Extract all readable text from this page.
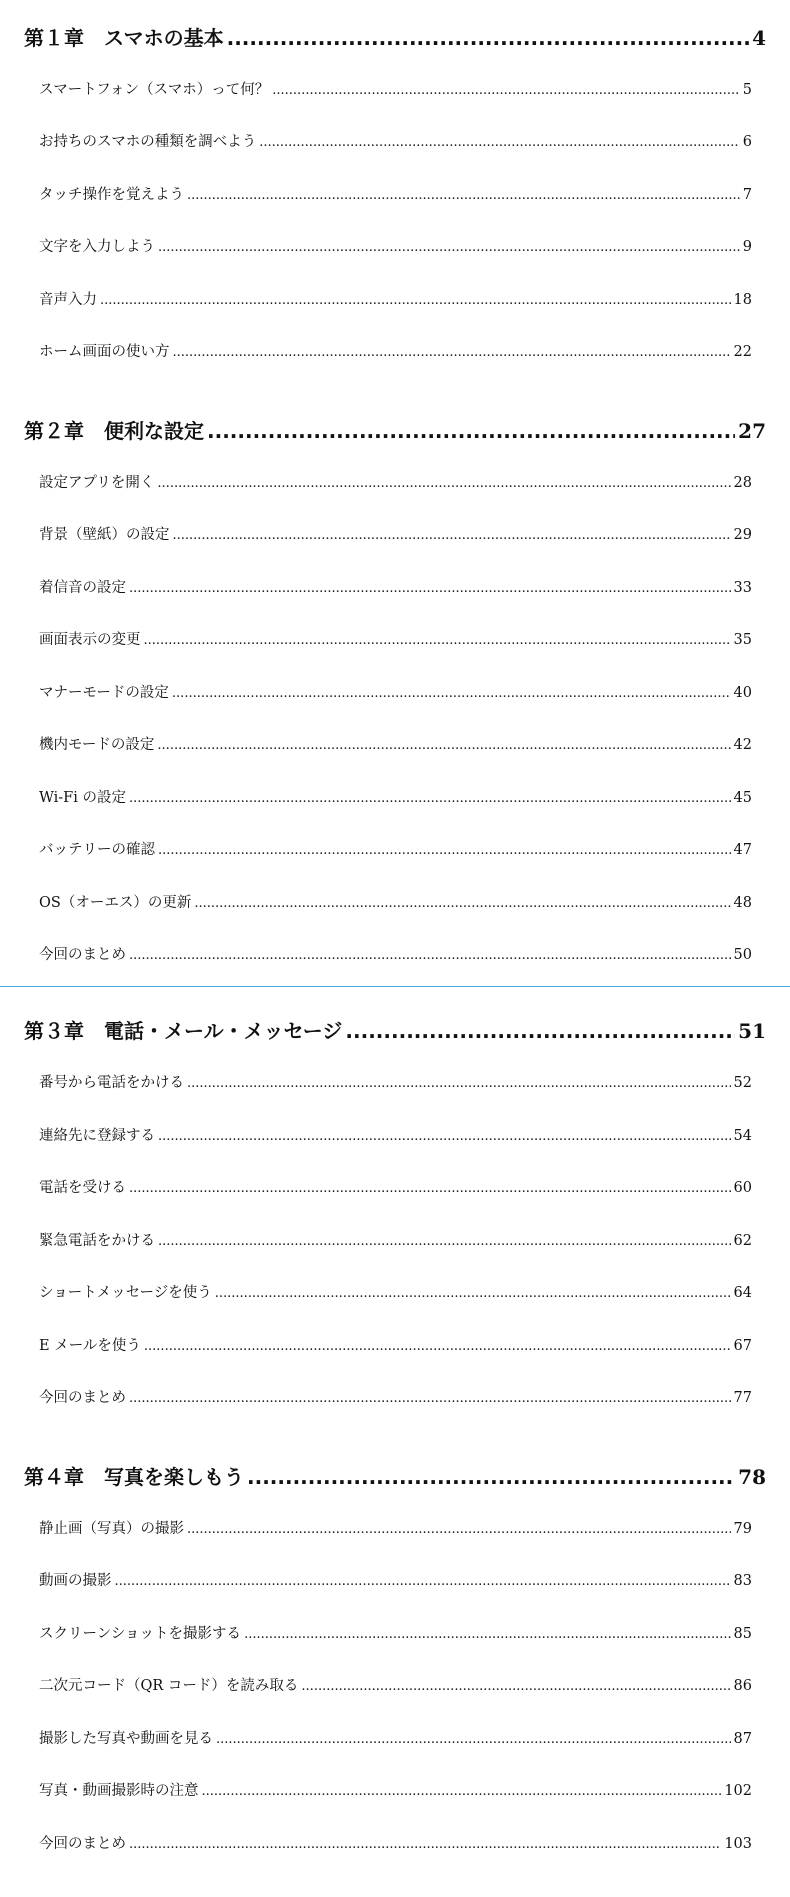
第１章　スマホの基本 .....	4
スマートフォン（スマホ）って何？ .....	5
お持ちのスマホの種類を調べよう .....	6
タッチ操作を覚えよう .....	7
文字を入力しよう .....	9
音声入力 .....	18
ホーム画面の使い方 .....	22
第２章　便利な設定 .....	27
設定アプリを開く .....	28
背景（壁紙）の設定 .....	29
着信音の設定 .....	33
画面表示の変更 .....	35
マナーモードの設定 .....	40
機内モードの設定 .....	42
Wi-Fi の設定 .....	45
バッテリーの確認 .....	47
OS（オーエス）の更新 .....	48
今回のまとめ .....	50
第３章　電話・メール・メッセージ .....	51
番号から電話をかける .....	52
連絡先に登録する .....	54
電話を受ける .....	60
緊急電話をかける .....	62
ショートメッセージを使う .....	64
E メールを使う .....	67
今回のまとめ .....	77
第４章　写真を楽しもう .....	78
静止画（写真）の撮影 .....	79
動画の撮影 .....	83
スクリーンショットを撮影する .....	85
二次元コード（QR コード）を読み取る .....	86
撮影した写真や動画を見る .....	87
写真・動画撮影時の注意 .....	102
今回のまとめ .....	103
